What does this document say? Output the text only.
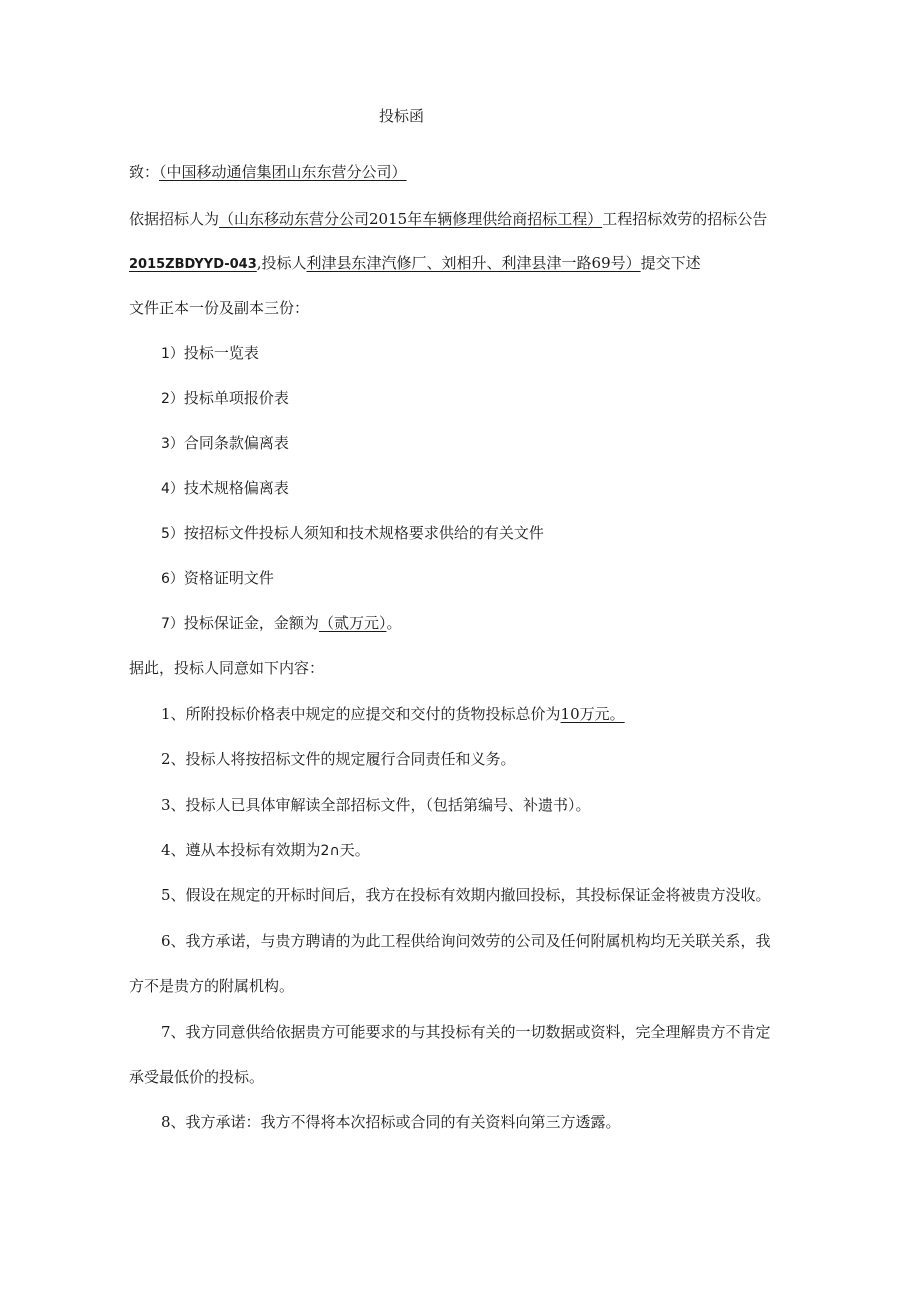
投标函
致：（中国移动通信集团山东东营分公司）
依据招标人为（山东移动东营分公司2015年车辆修理供给商招标工程）工程招标效劳的招标公告
2015ZBDYYD-043,投标人利津县东津汽修厂、刘相升、利津县津一路69号）提交下述
文件正本一份及副本三份：
1）投标一览表
2）投标单项报价表
3）合同条款偏离表
4）技术规格偏离表
5）按招标文件投标人须知和技术规格要求供给的有关文件
6）资格证明文件
7）投标保证金，金额为（贰万元）。
据此，投标人同意如下内容：
1、所附投标价格表中规定的应提交和交付的货物投标总价为10万元。
2、投标人将按招标文件的规定履行合同责任和义务。
3、投标人已具体审解读全部招标文件，（包括第编号、补遗书）。
4、遵从本投标有效期为2∩天。
5、假设在规定的开标时间后，我方在投标有效期内撤回投标，其投标保证金将被贵方没收。
6、我方承诺，与贵方聘请的为此工程供给询问效劳的公司及任何附属机构均无关联关系，我
方不是贵方的附属机构。
7、我方同意供给依据贵方可能要求的与其投标有关的一切数据或资料，完全理解贵方不肯定
承受最低价的投标。
8、我方承诺：我方不得将本次招标或合同的有关资料向第三方透露。
